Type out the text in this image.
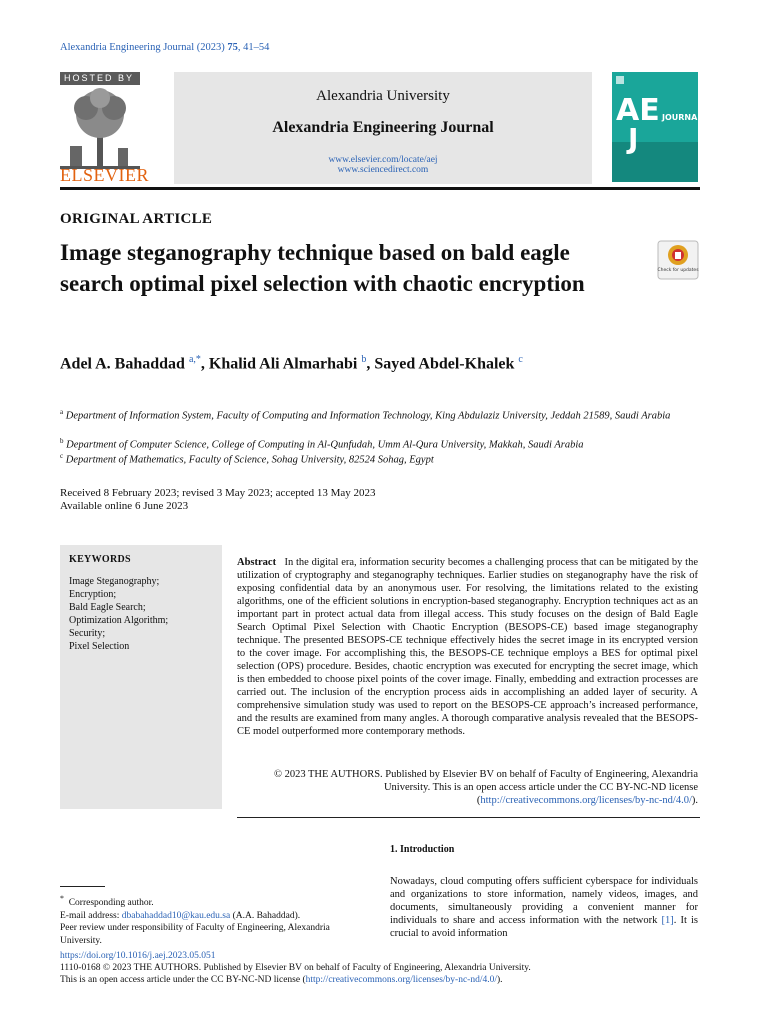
Alexandria Engineering Journal (2023) 75, 41–54
HOSTED BY
ELSEVIER
Alexandria University
Alexandria Engineering Journal
www.elsevier.com/locate/aej
www.sciencedirect.com
AE
J
JOURNAL
ORIGINAL ARTICLE
Image steganography technique based on bald eagle search optimal pixel selection with chaotic encryption
Check for updates
Adel A. Bahaddad $^{a,*}$, Khalid Ali Almarhabi $^b$, Sayed Abdel-Khalek $^c$
$^a$ Department of Information System, Faculty of Computing and Information Technology, King Abdulaziz University, Jeddah 21589, Saudi Arabia
$^b$ Department of Computer Science, College of Computing in Al-Qunfudah, Umm Al-Qura University, Makkah, Saudi Arabia
$^c$ Department of Mathematics, Faculty of Science, Sohag University, 82524 Sohag, Egypt
Received 8 February 2023; revised 3 May 2023; accepted 13 May 2023
Available online 6 June 2023
KEYWORDS
Image Steganography;
Encryption;
Bald Eagle Search;
Optimization Algorithm;
Security;
Pixel Selection
Abstract In the digital era, information security becomes a challenging process that can be mitigated by the utilization of cryptography and steganography techniques. Earlier studies on steganography have the risk of exposing confidential data by an anonymous user. For resolving, the limitations related to the existing algorithms, one of the efficient solutions in encryption-based steganography. Encryption techniques act as an important part in protect actual data from illegal access. This study focuses on the design of Bald Eagle Search Optimal Pixel Selection with Chaotic Encryption (BESOPS-CE) based image steganography technique. The presented BESOPS-CE technique effectively hides the secret image in its encrypted version to the cover image. For accomplishing this, the BESOPS-CE technique employs a BES for optimal pixel selection (OPS) procedure. Besides, chaotic encryption was executed for encrypting the secret image, which is then embedded to choose pixel points of the cover image. Finally, embedding and extraction processes are carried out. The inclusion of the encryption process aids in accomplishing an added layer of security. A comprehensive simulation study was used to report on the BESOPS-CE approach’s increased performance, and the results are examined from many angles. A thorough comparative analysis revealed that the BESOPS-CE model outperformed more contemporary methods.
© 2023 THE AUTHORS. Published by Elsevier BV on behalf of Faculty of Engineering, Alexandria University. This is an open access article under the CC BY-NC-ND license (http://creativecommons.org/licenses/by-nc-nd/4.0/).
1. Introduction
Nowadays, cloud computing offers sufficient cyberspace for individuals and organizations to store information, namely videos, images, and documents, simultaneously providing a convenient manner for individuals to share and access information with the network [1]. It is crucial to avoid information
* Corresponding author.
E-mail address: dbabahaddad10@kau.edu.sa (A.A. Bahaddad).
Peer review under responsibility of Faculty of Engineering, Alexandria University.
https://doi.org/10.1016/j.aej.2023.05.051
1110-0168 © 2023 THE AUTHORS. Published by Elsevier BV on behalf of Faculty of Engineering, Alexandria University.
This is an open access article under the CC BY-NC-ND license (http://creativecommons.org/licenses/by-nc-nd/4.0/).
